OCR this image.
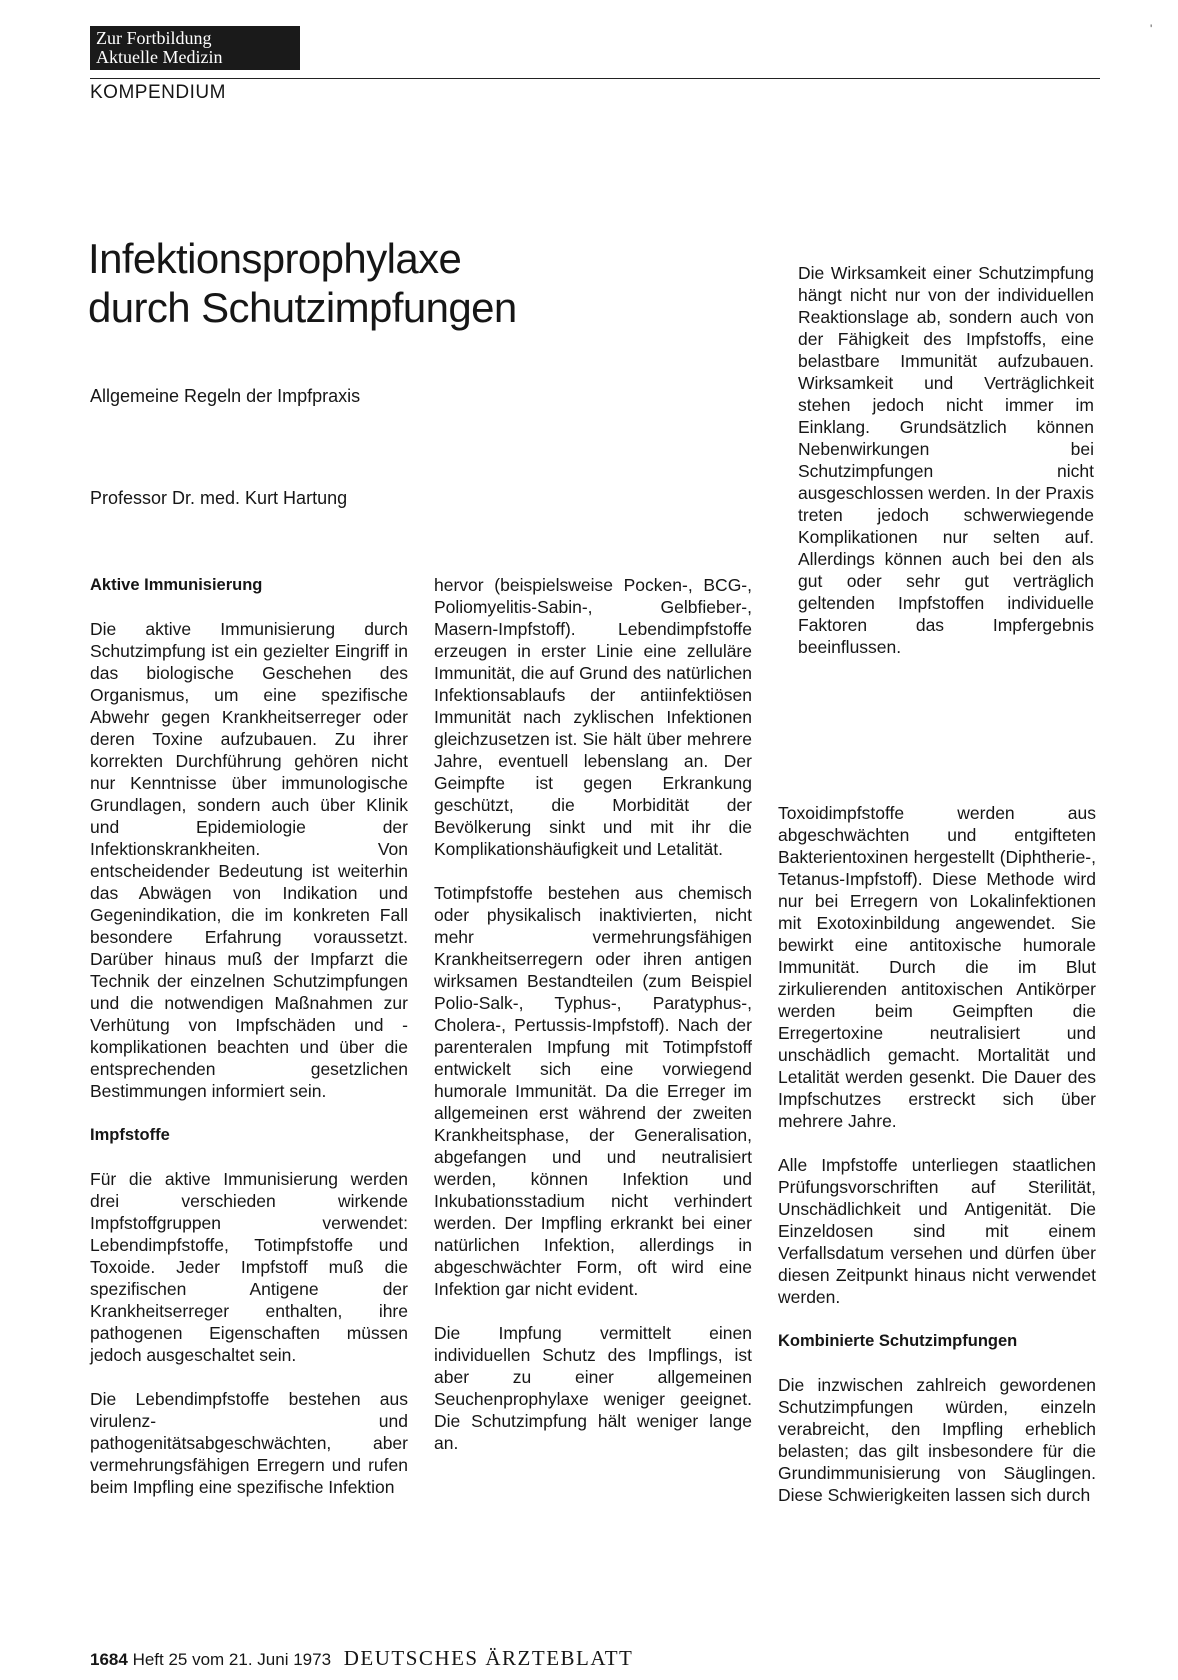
Zur Fortbildung
Aktuelle Medizin
'
KOMPENDIUM
Infektionsprophylaxe
durch Schutzimpfungen
Allgemeine Regeln der Impfpraxis
Professor Dr. med. Kurt Hartung
Aktive Immunisierung

Die aktive Immunisierung durch Schutzimpfung ist ein gezielter Eingriff in das biologische Geschehen des Organismus, um eine spezifische Abwehr gegen Krankheitserreger oder deren Toxine aufzubauen. Zu ihrer korrekten Durchführung gehören nicht nur Kenntnisse über immunologische Grundlagen, sondern auch über Klinik und Epidemiologie der Infektionskrankheiten. Von entscheidender Bedeutung ist weiterhin das Abwägen von Indikation und Gegenindikation, die im konkreten Fall besondere Erfahrung voraussetzt. Darüber hinaus muß der Impfarzt die Technik der einzelnen Schutzimpfungen und die notwendigen Maßnahmen zur Verhütung von Impfschäden und -komplikationen beachten und über die entsprechenden gesetzlichen Bestimmungen informiert sein.

Impfstoffe

Für die aktive Immunisierung werden drei verschieden wirkende Impfstoffgruppen verwendet: Lebendimpfstoffe, Totimpfstoffe und Toxoide. Jeder Impfstoff muß die spezifischen Antigene der Krankheitserreger enthalten, ihre pathogenen Eigenschaften müssen jedoch ausgeschaltet sein.

Die Lebendimpfstoffe bestehen aus virulenz- und pathogenitätsabgeschwächten, aber vermehrungsfähigen Erregern und rufen beim Impfling eine spezifische Infektion

hervor (beispielsweise Pocken-, BCG-, Poliomyelitis-Sabin-, Gelbfieber-, Masern-Impfstoff). Lebendimpfstoffe erzeugen in erster Linie eine zelluläre Immunität, die auf Grund des natürlichen Infektionsablaufs der antiinfektiösen Immunität nach zyklischen Infektionen gleichzusetzen ist. Sie hält über mehrere Jahre, eventuell lebenslang an. Der Geimpfte ist gegen Erkrankung geschützt, die Morbidität der Bevölkerung sinkt und mit ihr die Komplikationshäufigkeit und Letalität.

Totimpfstoffe bestehen aus chemisch oder physikalisch inaktivierten, nicht mehr vermehrungsfähigen Krankheitserregern oder ihren antigen wirksamen Bestandteilen (zum Beispiel Polio-Salk-, Typhus-, Paratyphus-, Cholera-, Pertussis-Impfstoff). Nach der parenteralen Impfung mit Totimpfstoff entwickelt sich eine vorwiegend humorale Immunität. Da die Erreger im allgemeinen erst während der zweiten Krankheitsphase, der Generalisation, abgefangen und und neutralisiert werden, können Infektion und Inkubationsstadium nicht verhindert werden. Der Impfling erkrankt bei einer natürlichen Infektion, allerdings in abgeschwächter Form, oft wird eine Infektion gar nicht evident.

Die Impfung vermittelt einen individuellen Schutz des Impflings, ist aber zu einer allgemeinen Seuchenprophylaxe weniger geeignet. Die Schutzimpfung hält weniger lange an.

Die Wirksamkeit einer Schutzimpfung hängt nicht nur von der individuellen Reaktionslage ab, sondern auch von der Fähigkeit des Impfstoffs, eine belastbare Immunität aufzubauen. Wirksamkeit und Verträglichkeit stehen jedoch nicht immer im Einklang. Grundsätzlich können Nebenwirkungen bei Schutzimpfungen nicht ausgeschlossen werden. In der Praxis treten jedoch schwerwiegende Komplikationen nur selten auf. Allerdings können auch bei den als gut oder sehr gut verträglich geltenden Impfstoffen individuelle Faktoren das Impfergebnis beeinflussen.

Toxoidimpfstoffe werden aus abgeschwächten und entgifteten Bakterientoxinen hergestellt (Diphtherie-, Tetanus-Impfstoff). Diese Methode wird nur bei Erregern von Lokalinfektionen mit Exotoxinbildung angewendet. Sie bewirkt eine antitoxische humorale Immunität. Durch die im Blut zirkulierenden antitoxischen Antikörper werden beim Geimpften die Erregertoxine neutralisiert und unschädlich gemacht. Mortalität und Letalität werden gesenkt. Die Dauer des Impfschutzes erstreckt sich über mehrere Jahre.

Alle Impfstoffe unterliegen staatlichen Prüfungsvorschriften auf Sterilität, Unschädlichkeit und Antigenität. Die Einzeldosen sind mit einem Verfallsdatum versehen und dürfen über diesen Zeitpunkt hinaus nicht verwendet werden.

Kombinierte Schutzimpfungen

Die inzwischen zahlreich gewordenen Schutzimpfungen würden, einzeln verabreicht, den Impfling erheblich belasten; das gilt insbesondere für die Grundimmunisierung von Säuglingen. Diese Schwierigkeiten lassen sich durch

1684 Heft 25 vom 21. Juni 1973 DEUTSCHES ÄRZTEBLATT
